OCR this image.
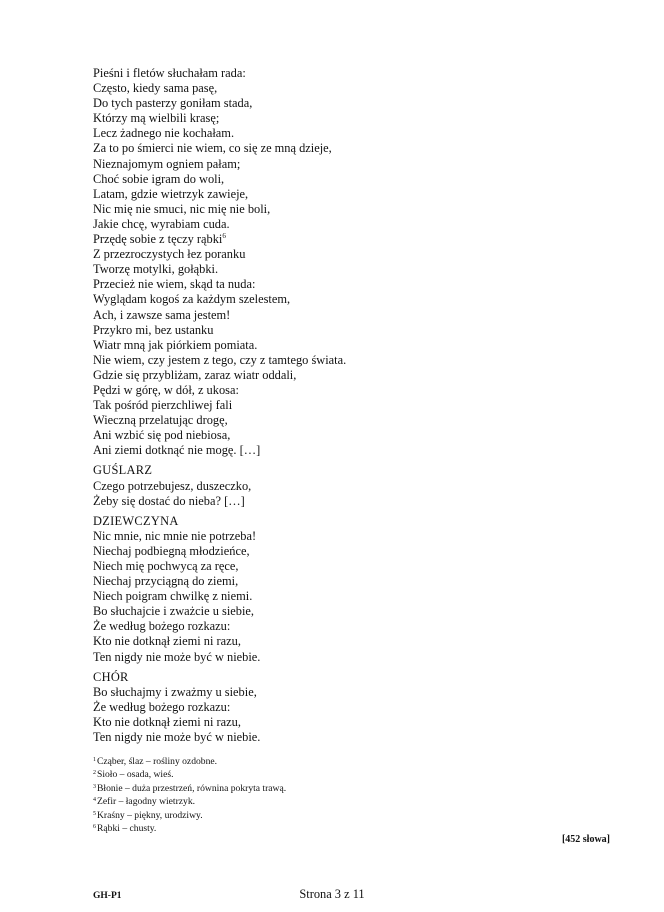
Pieśni i fletów słuchałam rada:
Często, kiedy sama pasę,
Do tych pasterzy goniłam stada,
Którzy mą wielbili krasę;
Lecz żadnego nie kochałam.
Za to po śmierci nie wiem, co się ze mną dzieje,
Nieznajomym ogniem pałam;
Choć sobie igram do woli,
Latam, gdzie wietrzyk zawieje,
Nic mię nie smuci, nic mię nie boli,
Jakie chcę, wyrabiam cuda.
Przędę sobie z tęczy rąbki$^6$
Z przezroczystych łez poranku
Tworzę motylki, gołąbki.
Przecież nie wiem, skąd ta nuda:
Wyglądam kogoś za każdym szelestem,
Ach, i zawsze sama jestem!
Przykro mi, bez ustanku
Wiatr mną jak piórkiem pomiata.
Nie wiem, czy jestem z tego, czy z tamtego świata.
Gdzie się przybliżam, zaraz wiatr oddali,
Pędzi w górę, w dół, z ukosa:
Tak pośród pierzchliwej fali
Wieczną przelatując drogę,
Ani wzbić się pod niebiosa,
Ani ziemi dotknąć nie mogę. […]
GUŚLARZ
Czego potrzebujesz, duszeczko,
Żeby się dostać do nieba? […]
DZIEWCZYNA
Nic mnie, nic mnie nie potrzeba!
Niechaj podbiegną młodzieńce,
Niech mię pochwycą za ręce,
Niechaj przyciągną do ziemi,
Niech poigram chwilkę z niemi.
Bo słuchajcie i zważcie u siebie,
Że według bożego rozkazu:
Kto nie dotknął ziemi ni razu,
Ten nigdy nie może być w niebie.
CHÓR
Bo słuchajmy i zważmy u siebie,
Że według bożego rozkazu:
Kto nie dotknął ziemi ni razu,
Ten nigdy nie może być w niebie.
$^1$Cząber, ślaz – rośliny ozdobne.
$^2$Sioło – osada, wieś.
$^3$Błonie – duża przestrzeń, równina pokryta trawą.
$^4$Zefir – łagodny wietrzyk.
$^5$Kraśny – piękny, urodziwy.
$^6$Rąbki – chusty.
[452 słowa]
GH-P1	Strona 3 z 11
